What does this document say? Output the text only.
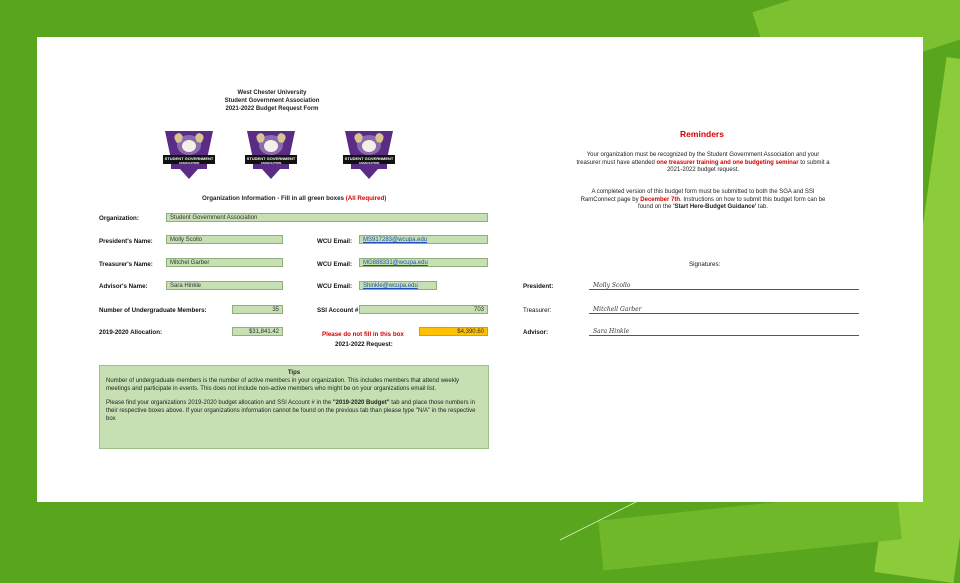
West Chester University
Student Government Association
2021-2022 Budget Request Form
STUDENT GOVERNMENT
ASSOCIATION
STUDENT GOVERNMENT
ASSOCIATION
STUDENT GOVERNMENT
ASSOCIATION
Organization Information - Fill in all green boxes (All Required)
Organization:	Student Government Association
President's Name:	Molly Scollo	WCU Email:	MS917283@wcupa.edu
Treasurer's Name:	Mitchel Garber	WCU Email:	MG888331@wcupa.edu
Advisor's Name:	Sara Hinkle	WCU Email:	Shinkle@wcupa.edu
Number of Undergraduate Members:	35	SSI Account #	703
2019-2020 Allocation:	$31,841.42	Please do not fill in this box	$4,390.60
2021-2022 Request:
Reminders
Your organization must be recognized by the Student Government Association and your treasurer must have attended one treasurer training and one budgeting seminar to submit a 2021-2022 budget request.
A completed version of this budget form must be submitted to both the SGA and SSI RamConnect page by December 7th. Instructions on how to submit this budget form can be found on the 'Start Here-Budget Guidance' tab.
Signatures:
President:	Molly Scollo
Treasurer:	Mitchell Garber
Advisor:	Sara Hinkle
Tips
Number of undergraduate members is the number of active members in your organization. This includes members that attend weekly meetings and participate in events. This does not include non-active members who might be on your organizations email list.
Please find your organizations 2019-2020 budget allocation and SSI Account # in the "2019-2020 Budget" tab and place those numbers in their respective boxes above. If your organizations information cannot be found on the previous tab than please type "N/A" in the respective box
